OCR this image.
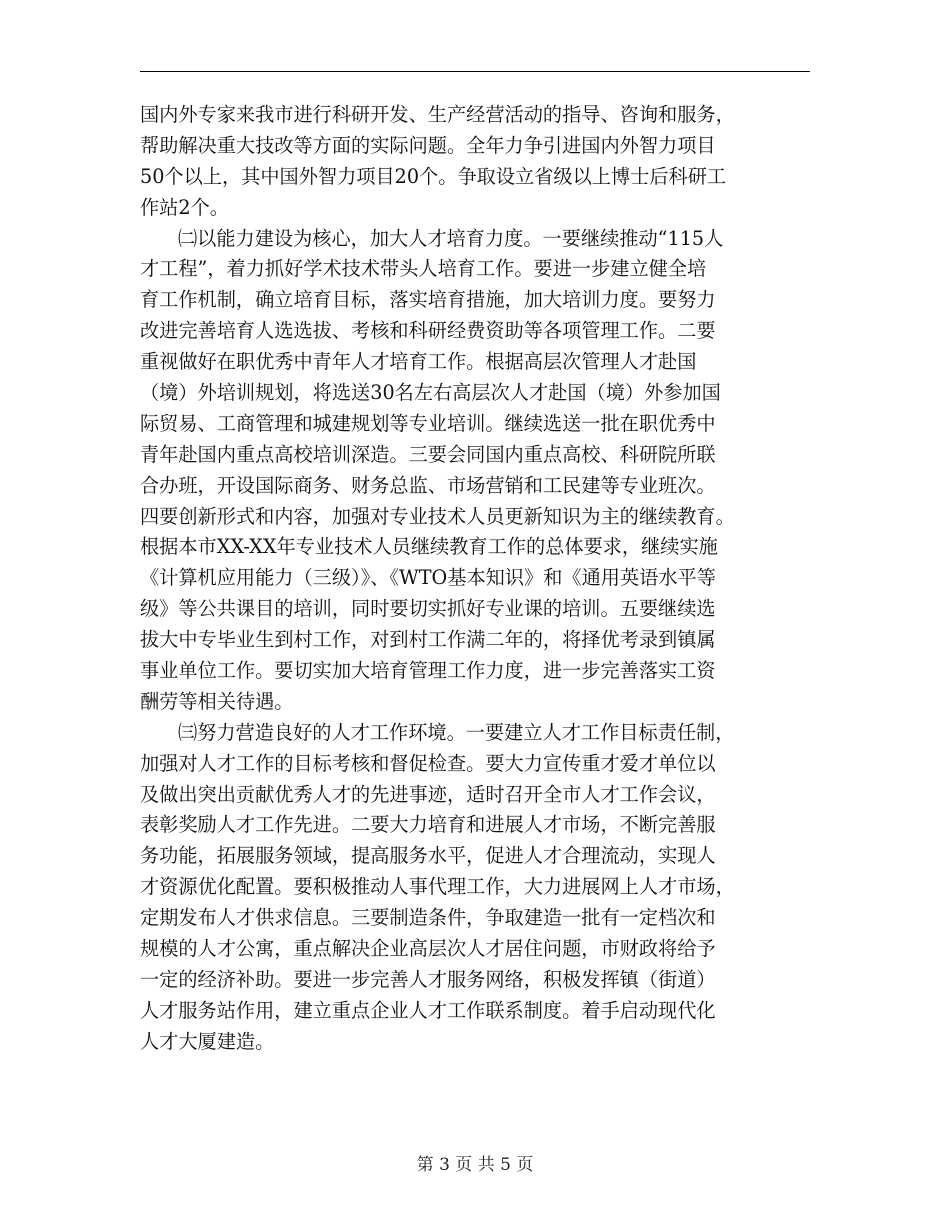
国内外专家来我市进行科研开发、生产经营活动的指导、咨询和服务，
帮助解决重大技改等方面的实际问题。全年力争引进国内外智力项目
50个以上，其中国外智力项目20个。争取设立省级以上博士后科研工
作站2个。
㈡以能力建设为核心，加大人才培育力度。一要继续推动“115人
才工程”，着力抓好学术技术带头人培育工作。要进一步建立健全培
育工作机制，确立培育目标，落实培育措施，加大培训力度。要努力
改进完善培育人选选拔、考核和科研经费资助等各项管理工作。二要
重视做好在职优秀中青年人才培育工作。根据高层次管理人才赴国
（境）外培训规划，将选送30名左右高层次人才赴国（境）外参加国
际贸易、工商管理和城建规划等专业培训。继续选送一批在职优秀中
青年赴国内重点高校培训深造。三要会同国内重点高校、科研院所联
合办班，开设国际商务、财务总监、市场营销和工民建等专业班次。
四要创新形式和内容，加强对专业技术人员更新知识为主的继续教育。
根据本市XX-XX年专业技术人员继续教育工作的总体要求，继续实施
《计算机应用能力（三级）》、《WTO基本知识》和《通用英语水平等
级》等公共课目的培训，同时要切实抓好专业课的培训。五要继续选
拔大中专毕业生到村工作，对到村工作满二年的，将择优考录到镇属
事业单位工作。要切实加大培育管理工作力度，进一步完善落实工资
酬劳等相关待遇。
㈢努力营造良好的人才工作环境。一要建立人才工作目标责任制，
加强对人才工作的目标考核和督促检查。要大力宣传重才爱才单位以
及做出突出贡献优秀人才的先进事迹，适时召开全市人才工作会议，
表彰奖励人才工作先进。二要大力培育和进展人才市场，不断完善服
务功能，拓展服务领域，提高服务水平，促进人才合理流动，实现人
才资源优化配置。要积极推动人事代理工作，大力进展网上人才市场，
定期发布人才供求信息。三要制造条件，争取建造一批有一定档次和
规模的人才公寓，重点解决企业高层次人才居住问题，市财政将给予
一定的经济补助。要进一步完善人才服务网络，积极发挥镇（街道）
人才服务站作用，建立重点企业人才工作联系制度。着手启动现代化
人才大厦建造。
第 3 页 共 5 页
